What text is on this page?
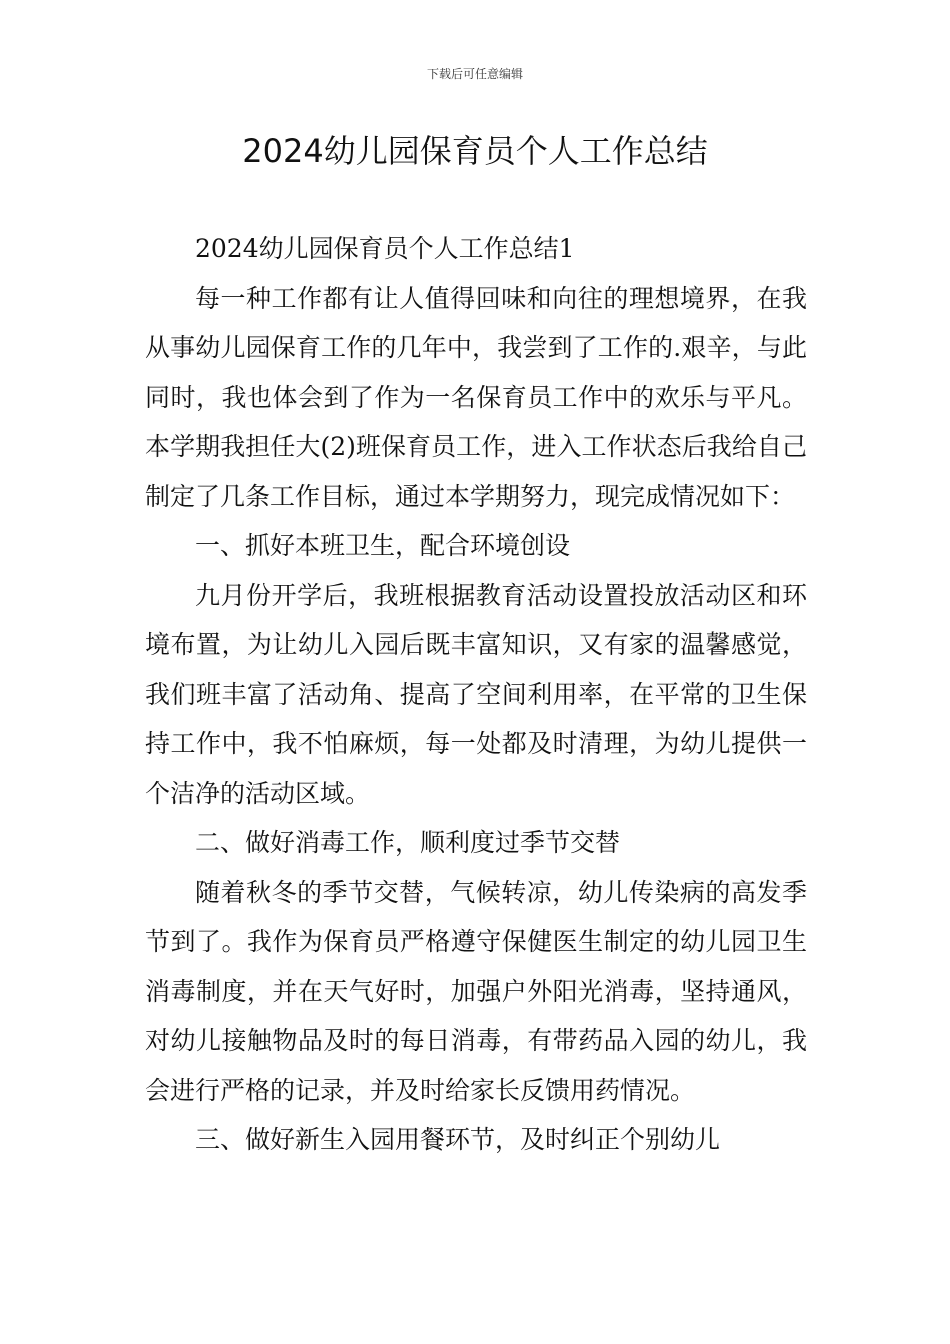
下载后可任意编辑
2024幼儿园保育员个人工作总结

2024幼儿园保育员个人工作总结1

每一种工作都有让人值得回味和向往的理想境界，在我从事幼儿园保育工作的几年中，我尝到了工作的.艰辛，与此同时，我也体会到了作为一名保育员工作中的欢乐与平凡。本学期我担任大(2)班保育员工作，进入工作状态后我给自己制定了几条工作目标，通过本学期努力，现完成情况如下：

一、抓好本班卫生，配合环境创设

九月份开学后，我班根据教育活动设置投放活动区和环境布置，为让幼儿入园后既丰富知识，又有家的温馨感觉，我们班丰富了活动角、提高了空间利用率，在平常的卫生保持工作中，我不怕麻烦，每一处都及时清理，为幼儿提供一个洁净的活动区域。

二、做好消毒工作，顺利度过季节交替

随着秋冬的季节交替，气候转凉，幼儿传染病的高发季节到了。我作为保育员严格遵守保健医生制定的幼儿园卫生消毒制度，并在天气好时，加强户外阳光消毒，坚持通风，对幼儿接触物品及时的每日消毒，有带药品入园的幼儿，我会进行严格的记录，并及时给家长反馈用药情况。

三、做好新生入园用餐环节，及时纠正个别幼儿
